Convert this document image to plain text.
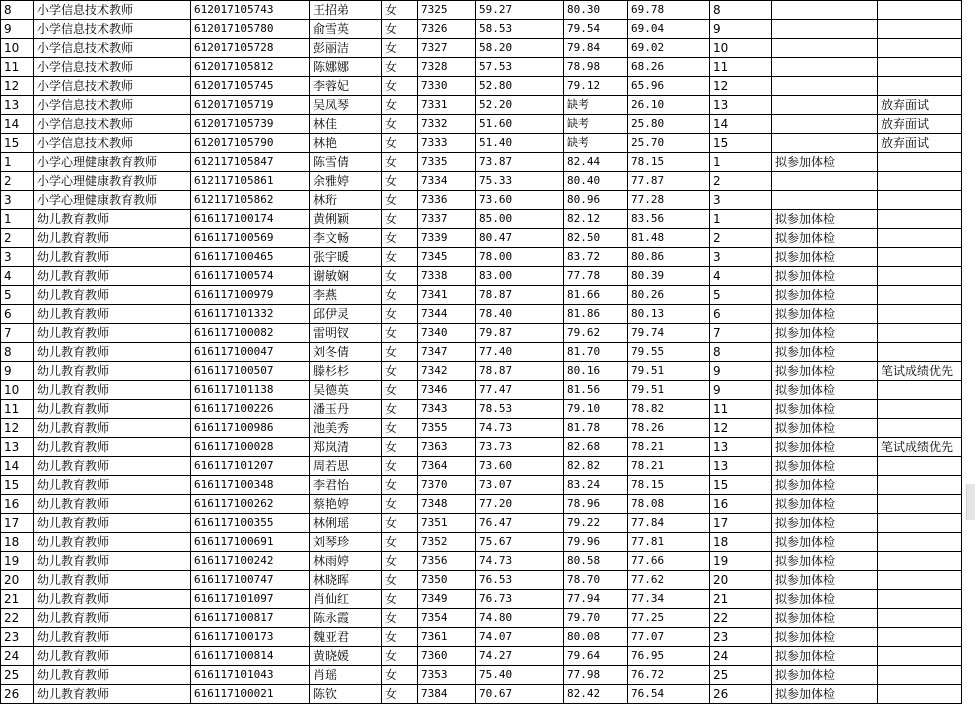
8	小学信息技术教师	612017105743	王招弟	女	7325	59.27	80.30	69.78	8		
9	小学信息技术教师	612017105780	俞雪英	女	7326	58.53	79.54	69.04	9		
10	小学信息技术教师	612017105728	彭丽洁	女	7327	58.20	79.84	69.02	10		
11	小学信息技术教师	612017105812	陈娜娜	女	7328	57.53	78.98	68.26	11		
12	小学信息技术教师	612017105745	李蓉妃	女	7330	52.80	79.12	65.96	12		
13	小学信息技术教师	612017105719	吴凤琴	女	7331	52.20	缺考	26.10	13		放弃面试
14	小学信息技术教师	612017105739	林佳	女	7332	51.60	缺考	25.80	14		放弃面试
15	小学信息技术教师	612017105790	林艳	女	7333	51.40	缺考	25.70	15		放弃面试
1	小学心理健康教育教师	612117105847	陈雪倩	女	7335	73.87	82.44	78.15	1	拟参加体检	
2	小学心理健康教育教师	612117105861	余雅婷	女	7334	75.33	80.40	77.87	2		
3	小学心理健康教育教师	612117105862	林珩	女	7336	73.60	80.96	77.28	3		
1	幼儿教育教师	616117100174	黄俐颖	女	7337	85.00	82.12	83.56	1	拟参加体检	
2	幼儿教育教师	616117100569	李文畅	女	7339	80.47	82.50	81.48	2	拟参加体检	
3	幼儿教育教师	616117100465	张宇暖	女	7345	78.00	83.72	80.86	3	拟参加体检	
4	幼儿教育教师	616117100574	谢敏娴	女	7338	83.00	77.78	80.39	4	拟参加体检	
5	幼儿教育教师	616117100979	李燕	女	7341	78.87	81.66	80.26	5	拟参加体检	
6	幼儿教育教师	616117101332	邱伊灵	女	7344	78.40	81.86	80.13	6	拟参加体检	
7	幼儿教育教师	616117100082	雷明钗	女	7340	79.87	79.62	79.74	7	拟参加体检	
8	幼儿教育教师	616117100047	刘冬倩	女	7347	77.40	81.70	79.55	8	拟参加体检	
9	幼儿教育教师	616117100507	滕杉杉	女	7342	78.87	80.16	79.51	9	拟参加体检	笔试成绩优先
10	幼儿教育教师	616117101138	吴德英	女	7346	77.47	81.56	79.51	9	拟参加体检	
11	幼儿教育教师	616117100226	潘玉丹	女	7343	78.53	79.10	78.82	11	拟参加体检	
12	幼儿教育教师	616117100986	池美秀	女	7355	74.73	81.78	78.26	12	拟参加体检	
13	幼儿教育教师	616117100028	郑岚清	女	7363	73.73	82.68	78.21	13	拟参加体检	笔试成绩优先
14	幼儿教育教师	616117101207	周若思	女	7364	73.60	82.82	78.21	13	拟参加体检	
15	幼儿教育教师	616117100348	李君怡	女	7370	73.07	83.24	78.15	15	拟参加体检	
16	幼儿教育教师	616117100262	蔡艳婷	女	7348	77.20	78.96	78.08	16	拟参加体检	
17	幼儿教育教师	616117100355	林俐瑶	女	7351	76.47	79.22	77.84	17	拟参加体检	
18	幼儿教育教师	616117100691	刘琴珍	女	7352	75.67	79.96	77.81	18	拟参加体检	
19	幼儿教育教师	616117100242	林雨婷	女	7356	74.73	80.58	77.66	19	拟参加体检	
20	幼儿教育教师	616117100747	林晓晖	女	7350	76.53	78.70	77.62	20	拟参加体检	
21	幼儿教育教师	616117101097	肖仙红	女	7349	76.73	77.94	77.34	21	拟参加体检	
22	幼儿教育教师	616117100817	陈永霞	女	7354	74.80	79.70	77.25	22	拟参加体检	
23	幼儿教育教师	616117100173	魏亚君	女	7361	74.07	80.08	77.07	23	拟参加体检	
24	幼儿教育教师	616117100814	黄晓媛	女	7360	74.27	79.64	76.95	24	拟参加体检	
25	幼儿教育教师	616117101043	肖瑶	女	7353	75.40	77.98	76.72	25	拟参加体检	
26	幼儿教育教师	616117100021	陈钦	女	7384	70.67	82.42	76.54	26	拟参加体检	
